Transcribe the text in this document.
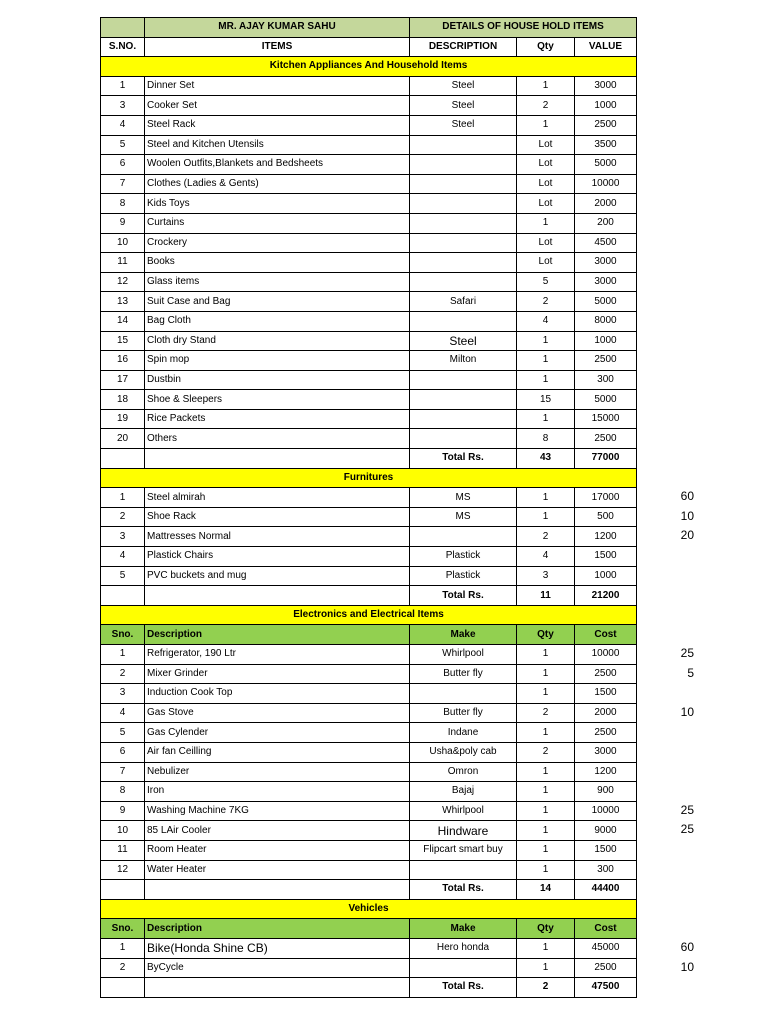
	MR. AJAY KUMAR SAHU	DETAILS OF HOUSE HOLD ITEMS		
S.NO.	ITEMS	DESCRIPTION	Qty	VALUE
Kitchen Appliances And Household Items				
1	Dinner Set	Steel	1	3000
3	Cooker Set	Steel	2	1000
4	Steel Rack	Steel	1	2500
5	Steel and Kitchen Utensils		Lot	3500
6	Woolen Outfits,Blankets and Bedsheets		Lot	5000
7	Clothes (Ladies & Gents)		Lot	10000
8	Kids Toys		Lot	2000
9	Curtains		1	200
10	Crockery		Lot	4500
11	Books		Lot	3000
12	Glass items		5	3000
13	Suit Case and Bag	Safari	2	5000
14	Bag Cloth		4	8000
15	Cloth dry Stand	Steel	1	1000
16	Spin mop	Milton	1	2500
17	Dustbin		1	300
18	Shoe & Sleepers		15	5000
19	Rice Packets		1	15000
20	Others		8	2500
		Total Rs.	43	77000
Furnitures				
1	Steel almirah	MS	1	17000
2	Shoe Rack	MS	1	500
3	Mattresses Normal		2	1200
4	Plastick Chairs	Plastick	4	1500
5	PVC buckets and mug	Plastick	3	1000
		Total Rs.	11	21200
Electronics and Electrical Items				
Sno.	Description	Make	Qty	Cost
1	Refrigerator, 190 Ltr	Whirlpool	1	10000
2	Mixer Grinder	Butter fly	1	2500
3	Induction Cook Top		1	1500
4	Gas Stove	Butter fly	2	2000
5	Gas Cylender	Indane	1	2500
6	Air fan Ceilling	Usha&poly cab	2	3000
7	Nebulizer	Omron	1	1200
8	Iron	Bajaj	1	900
9	Washing Machine 7KG	Whirlpool	1	10000
10	85 LAir Cooler	Hindware	1	9000
11	Room Heater	Flipcart smart buy	1	1500
12	Water Heater		1	300
		Total Rs.	14	44400
Vehicles				
Sno.	Description	Make	Qty	Cost
1	Bike(Honda Shine CB)	Hero honda	1	45000
2	ByCycle		1	2500
		Total Rs.	2	47500
60
10
20
25
5
10
25
25
60
10
